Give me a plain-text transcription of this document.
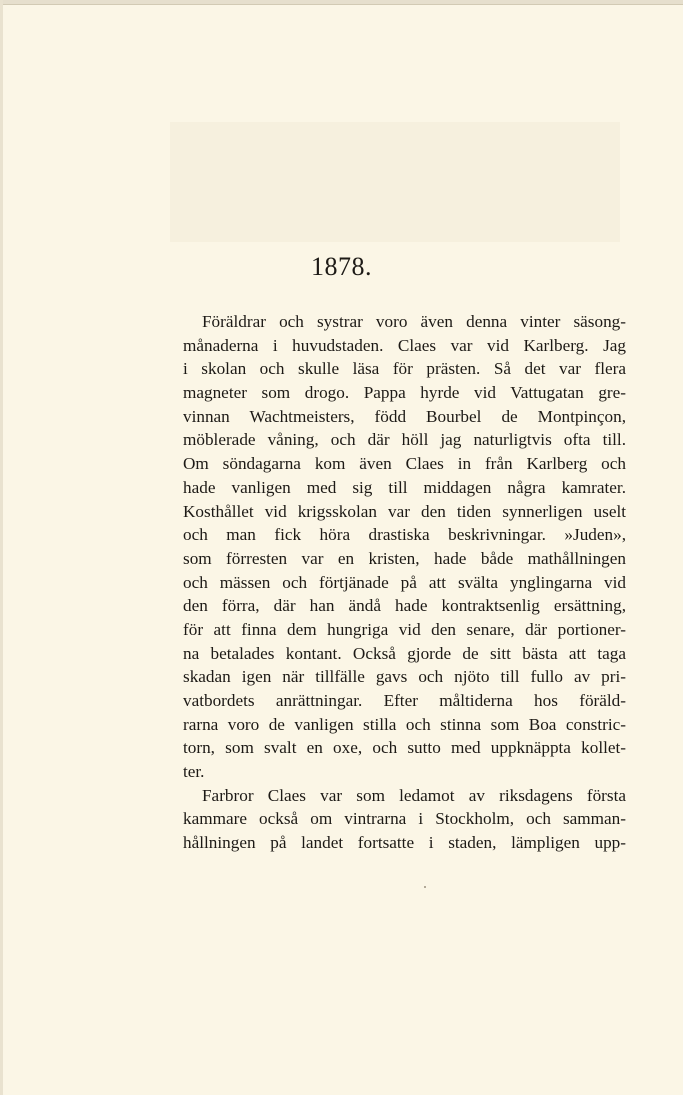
1878.
Föräldrar och systrar voro även denna vinter säsong-
månaderna i huvudstaden. Claes var vid Karlberg. Jag
i skolan och skulle läsa för prästen. Så det var flera
magneter som drogo. Pappa hyrde vid Vattugatan gre-
vinnan Wachtmeisters, född Bourbel de Montpinçon,
möblerade våning, och där höll jag naturligtvis ofta till.
Om söndagarna kom även Claes in från Karlberg och
hade vanligen med sig till middagen några kamrater.
Kosthållet vid krigsskolan var den tiden synnerligen uselt
och man fick höra drastiska beskrivningar. »Juden»,
som förresten var en kristen, hade både mathållningen
och mässen och förtjänade på att svälta ynglingarna vid
den förra, där han ändå hade kontraktsenlig ersättning,
för att finna dem hungriga vid den senare, där portioner-
na betalades kontant. Också gjorde de sitt bästa att taga
skadan igen när tillfälle gavs och njöto till fullo av pri-
vatbordets anrättningar. Efter måltiderna hos föräld-
rarna voro de vanligen stilla och stinna som Boa constric-
torn, som svalt en oxe, och sutto med uppknäppta kollet-
ter.
Farbror Claes var som ledamot av riksdagens första
kammare också om vintrarna i Stockholm, och samman-
hållningen på landet fortsatte i staden, lämpligen upp-
